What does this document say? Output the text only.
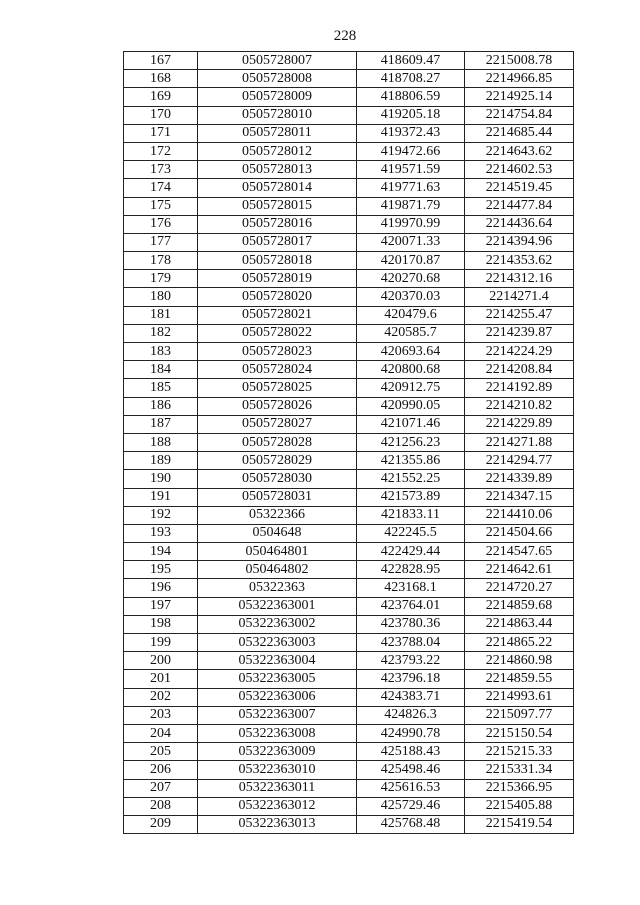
228
167	0505728007	418609.47	2215008.78
168	0505728008	418708.27	2214966.85
169	0505728009	418806.59	2214925.14
170	0505728010	419205.18	2214754.84
171	0505728011	419372.43	2214685.44
172	0505728012	419472.66	2214643.62
173	0505728013	419571.59	2214602.53
174	0505728014	419771.63	2214519.45
175	0505728015	419871.79	2214477.84
176	0505728016	419970.99	2214436.64
177	0505728017	420071.33	2214394.96
178	0505728018	420170.87	2214353.62
179	0505728019	420270.68	2214312.16
180	0505728020	420370.03	2214271.4
181	0505728021	420479.6	2214255.47
182	0505728022	420585.7	2214239.87
183	0505728023	420693.64	2214224.29
184	0505728024	420800.68	2214208.84
185	0505728025	420912.75	2214192.89
186	0505728026	420990.05	2214210.82
187	0505728027	421071.46	2214229.89
188	0505728028	421256.23	2214271.88
189	0505728029	421355.86	2214294.77
190	0505728030	421552.25	2214339.89
191	0505728031	421573.89	2214347.15
192	05322366	421833.11	2214410.06
193	0504648	422245.5	2214504.66
194	050464801	422429.44	2214547.65
195	050464802	422828.95	2214642.61
196	05322363	423168.1	2214720.27
197	05322363001	423764.01	2214859.68
198	05322363002	423780.36	2214863.44
199	05322363003	423788.04	2214865.22
200	05322363004	423793.22	2214860.98
201	05322363005	423796.18	2214859.55
202	05322363006	424383.71	2214993.61
203	05322363007	424826.3	2215097.77
204	05322363008	424990.78	2215150.54
205	05322363009	425188.43	2215215.33
206	05322363010	425498.46	2215331.34
207	05322363011	425616.53	2215366.95
208	05322363012	425729.46	2215405.88
209	05322363013	425768.48	2215419.54
